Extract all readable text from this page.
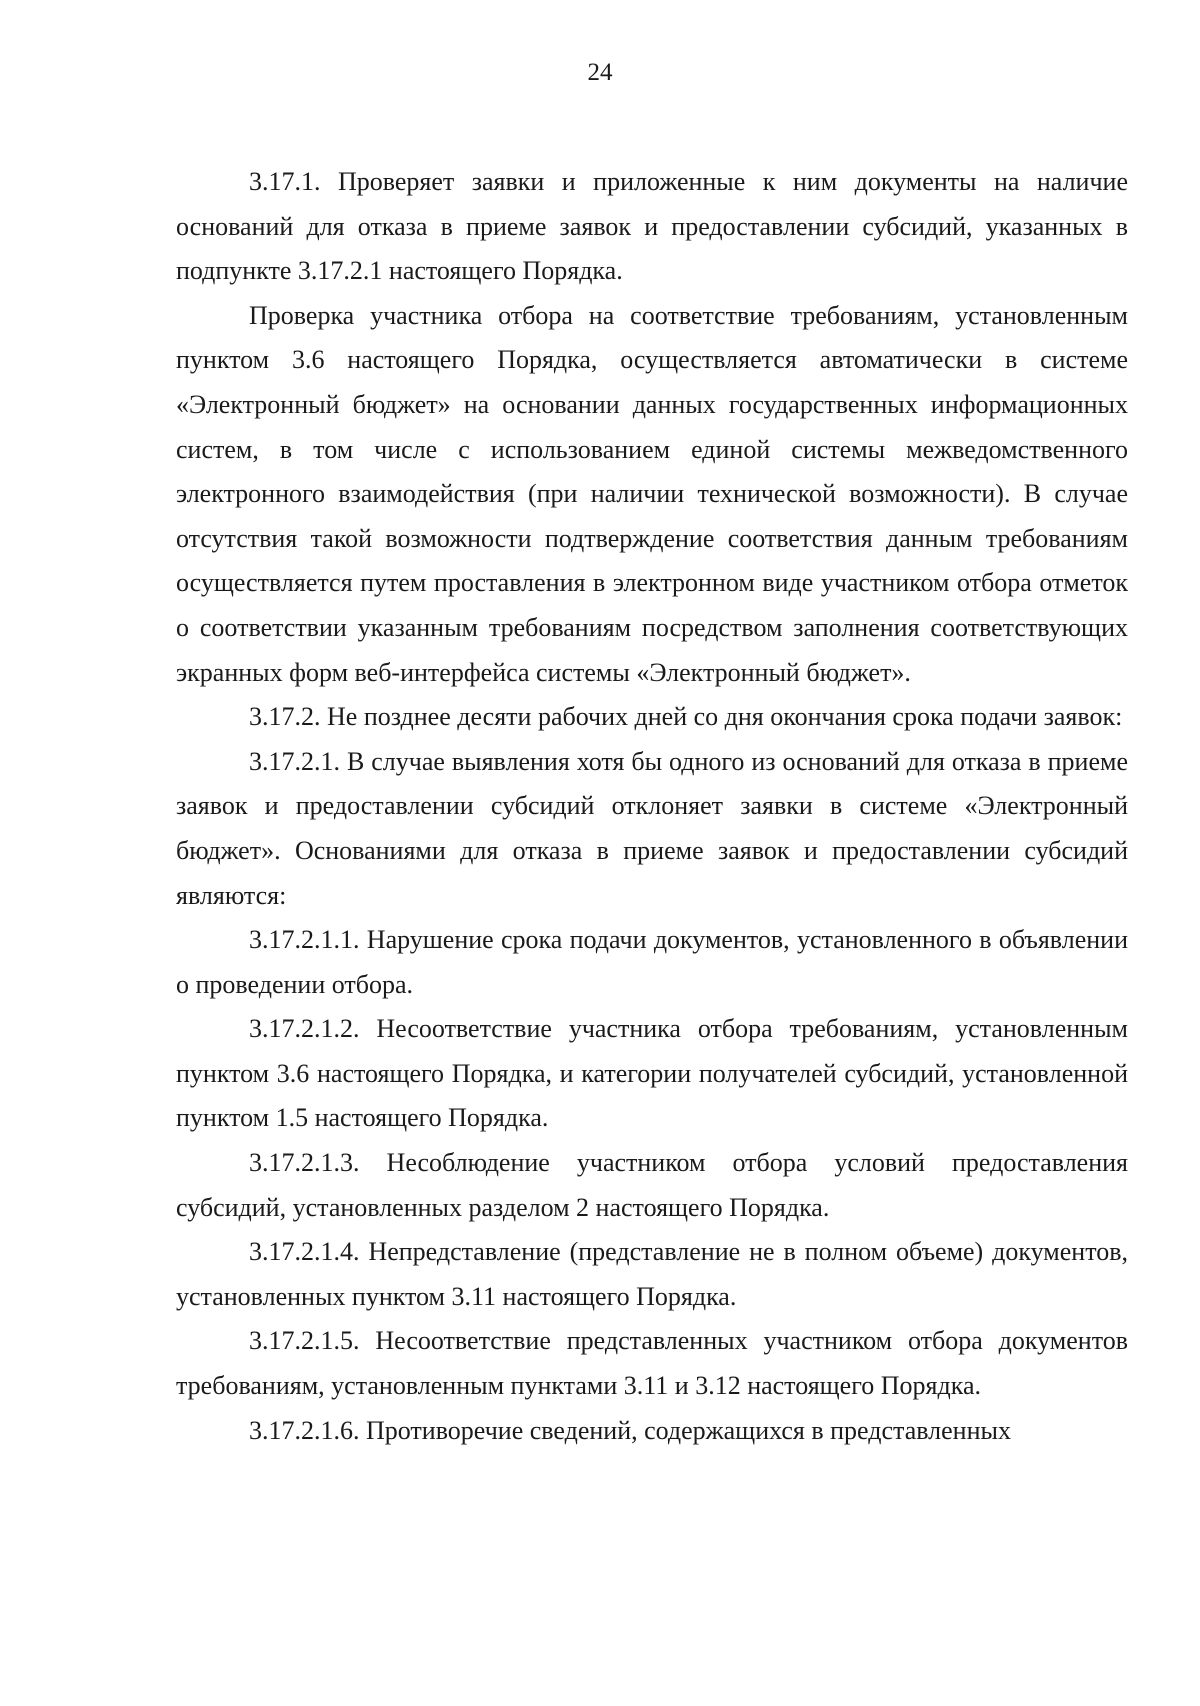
24

3.17.1. Проверяет заявки и приложенные к ним документы на наличие оснований для отказа в приеме заявок и предоставлении субсидий, указанных в подпункте 3.17.2.1 настоящего Порядка.

Проверка участника отбора на соответствие требованиям, установленным пунктом 3.6 настоящего Порядка, осуществляется автоматически в системе «Электронный бюджет» на основании данных государственных информационных систем, в том числе с использованием единой системы межведомственного электронного взаимодействия (при наличии технической возможности). В случае отсутствия такой возможности подтверждение соответствия данным требованиям осуществляется путем проставления в электронном виде участником отбора отметок о соответствии указанным требованиям посредством заполнения соответствующих экранных форм веб-интерфейса системы «Электронный бюджет».

3.17.2. Не позднее десяти рабочих дней со дня окончания срока подачи заявок:

3.17.2.1. В случае выявления хотя бы одного из оснований для отказа в приеме заявок и предоставлении субсидий отклоняет заявки в системе «Электронный бюджет». Основаниями для отказа в приеме заявок и предоставлении субсидий являются:

3.17.2.1.1. Нарушение срока подачи документов, установленного в объявлении о проведении отбора.

3.17.2.1.2. Несоответствие участника отбора требованиям, установленным пунктом 3.6 настоящего Порядка, и категории получателей субсидий, установленной пунктом 1.5 настоящего Порядка.

3.17.2.1.3. Несоблюдение участником отбора условий предоставления субсидий, установленных разделом 2 настоящего Порядка.

3.17.2.1.4. Непредставление (представление не в полном объеме) документов, установленных пунктом 3.11 настоящего Порядка.

3.17.2.1.5. Несоответствие представленных участником отбора документов требованиям, установленным пунктами 3.11 и 3.12 настоящего Порядка.

3.17.2.1.6. Противоречие сведений, содержащихся в представленных
